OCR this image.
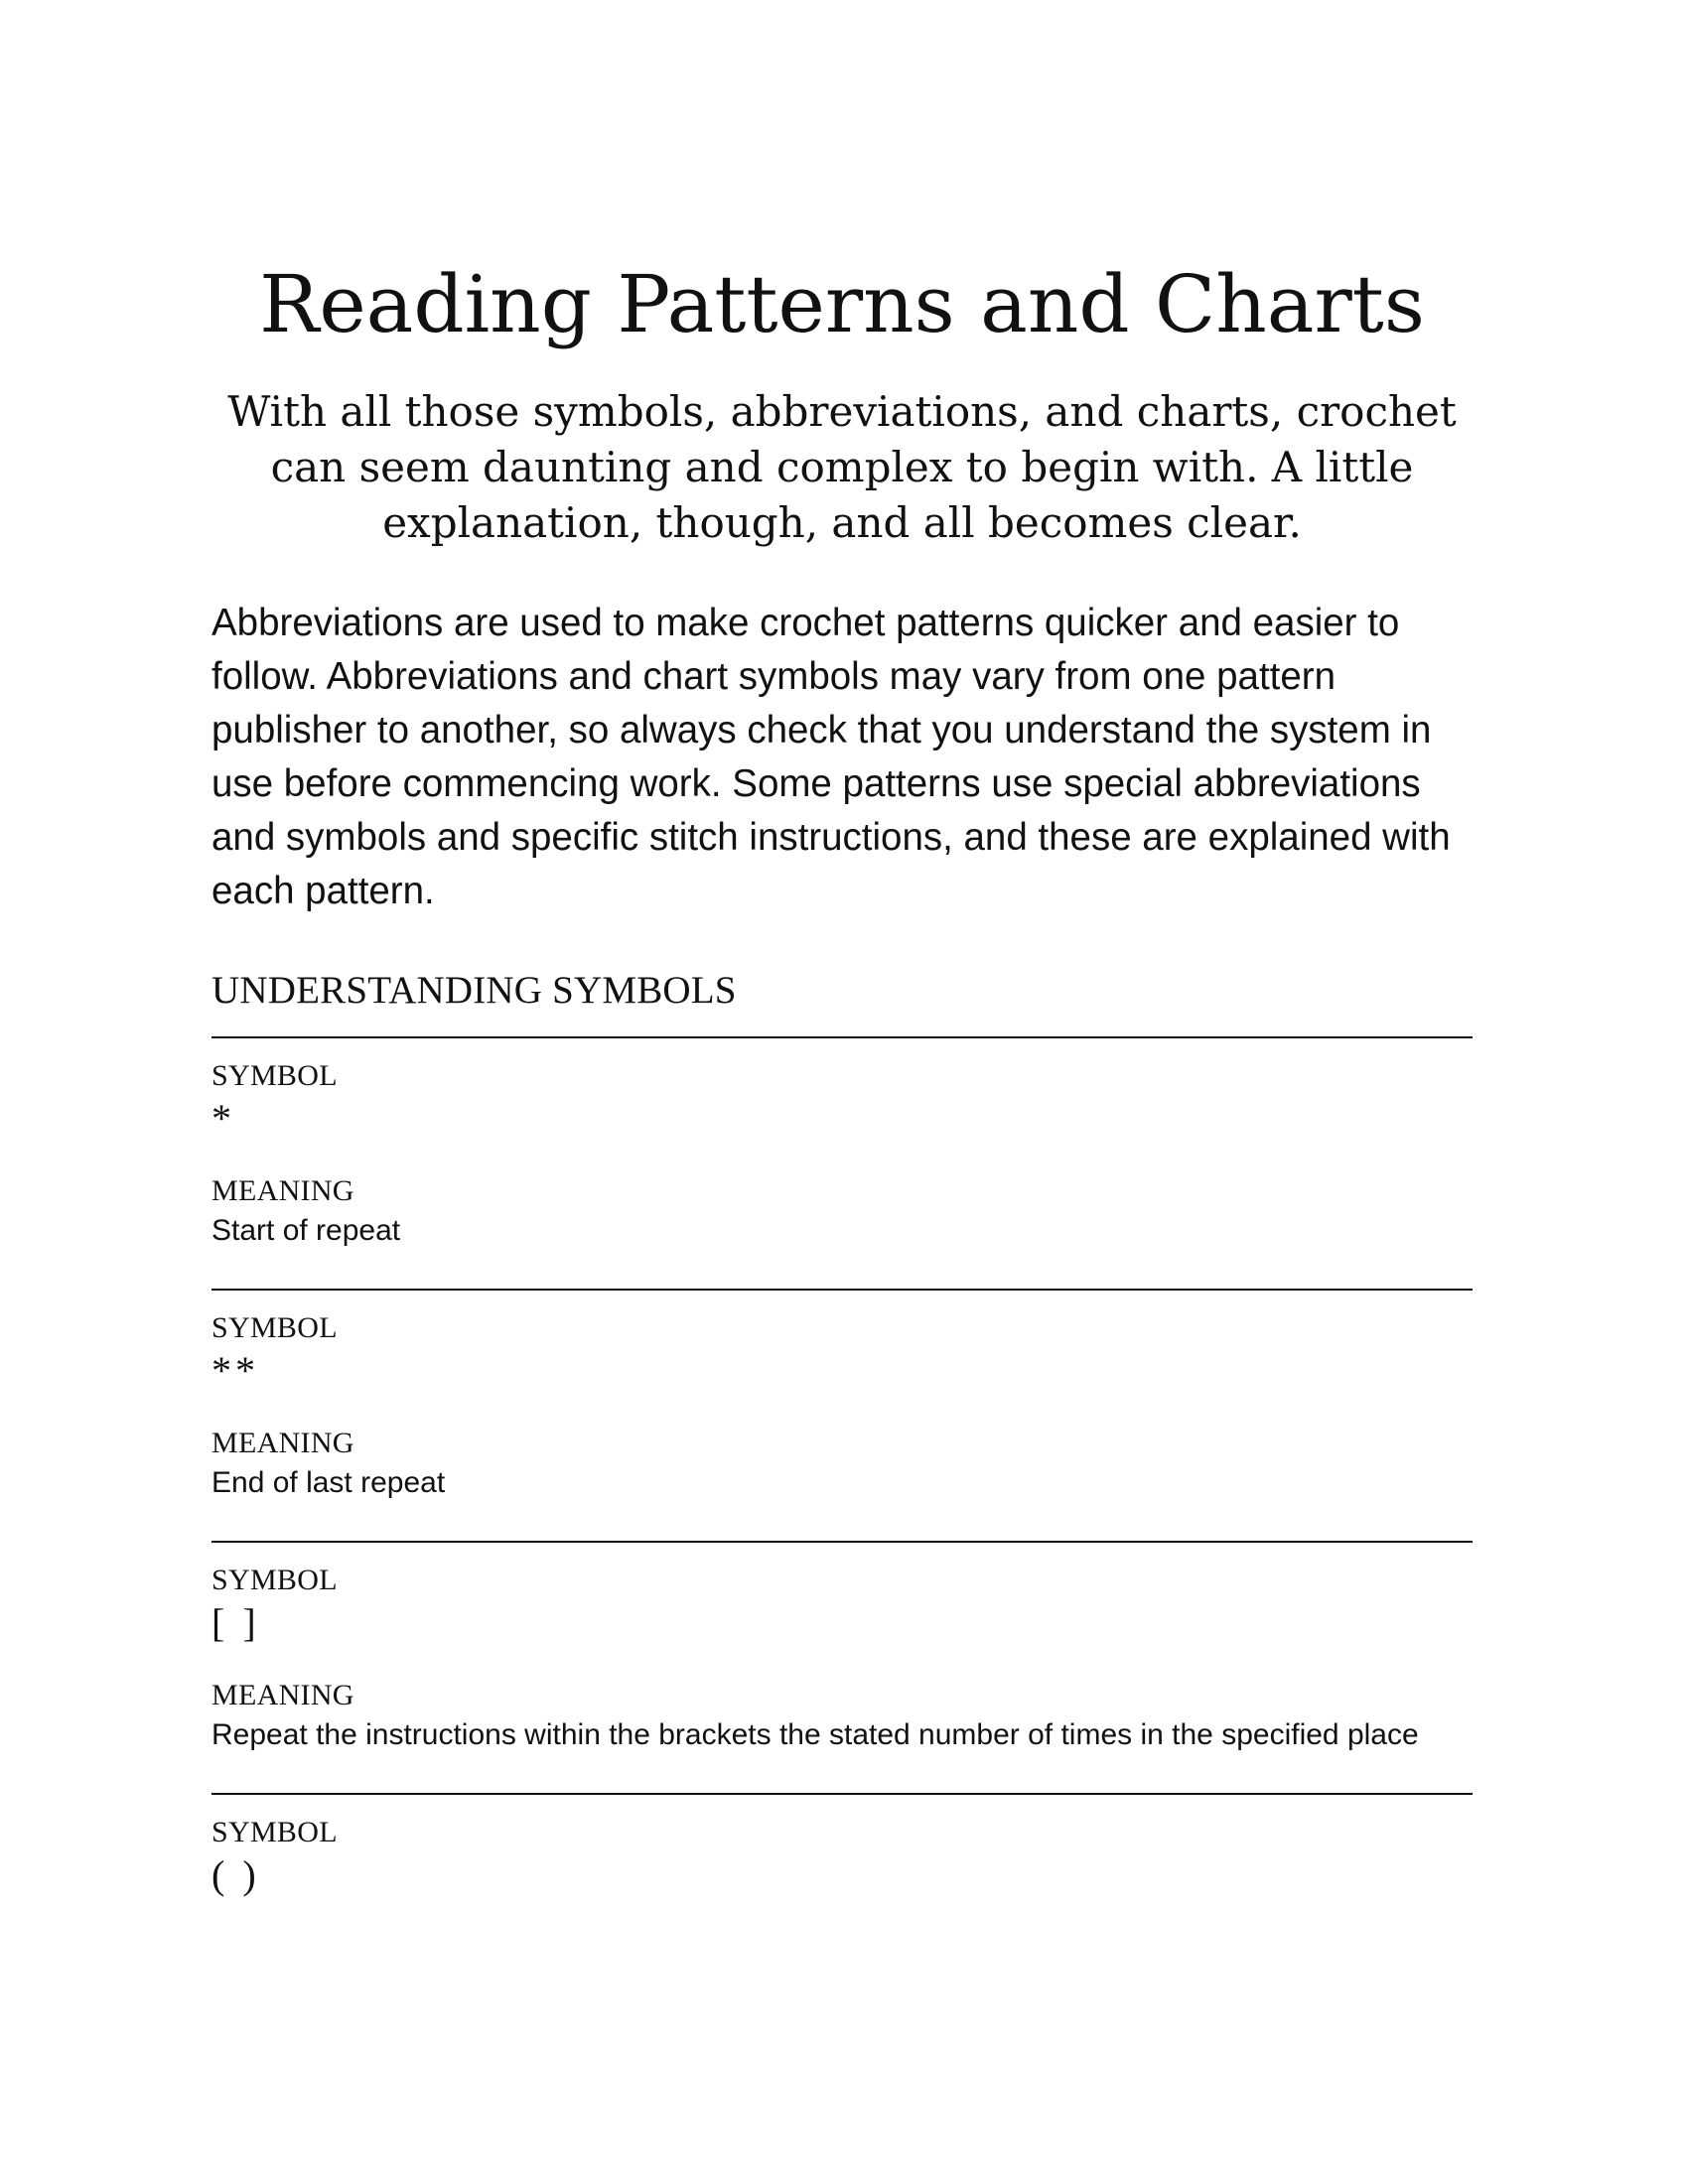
Reading Patterns and Charts
With all those symbols, abbreviations, and charts, crochet can seem daunting and complex to begin with. A little explanation, though, and all becomes clear.

Abbreviations are used to make crochet patterns quicker and easier to follow. Abbreviations and chart symbols may vary from one pattern publisher to another, so always check that you understand the system in use before commencing work. Some patterns use special abbreviations and symbols and specific stitch instructions, and these are explained with each pattern.

UNDERSTANDING SYMBOLS
SYMBOL
*
MEANING
Start of repeat
SYMBOL
**
MEANING
End of last repeat
SYMBOL
[ ]
MEANING
Repeat the instructions within the brackets the stated number of times in the specified place
SYMBOL
( )
